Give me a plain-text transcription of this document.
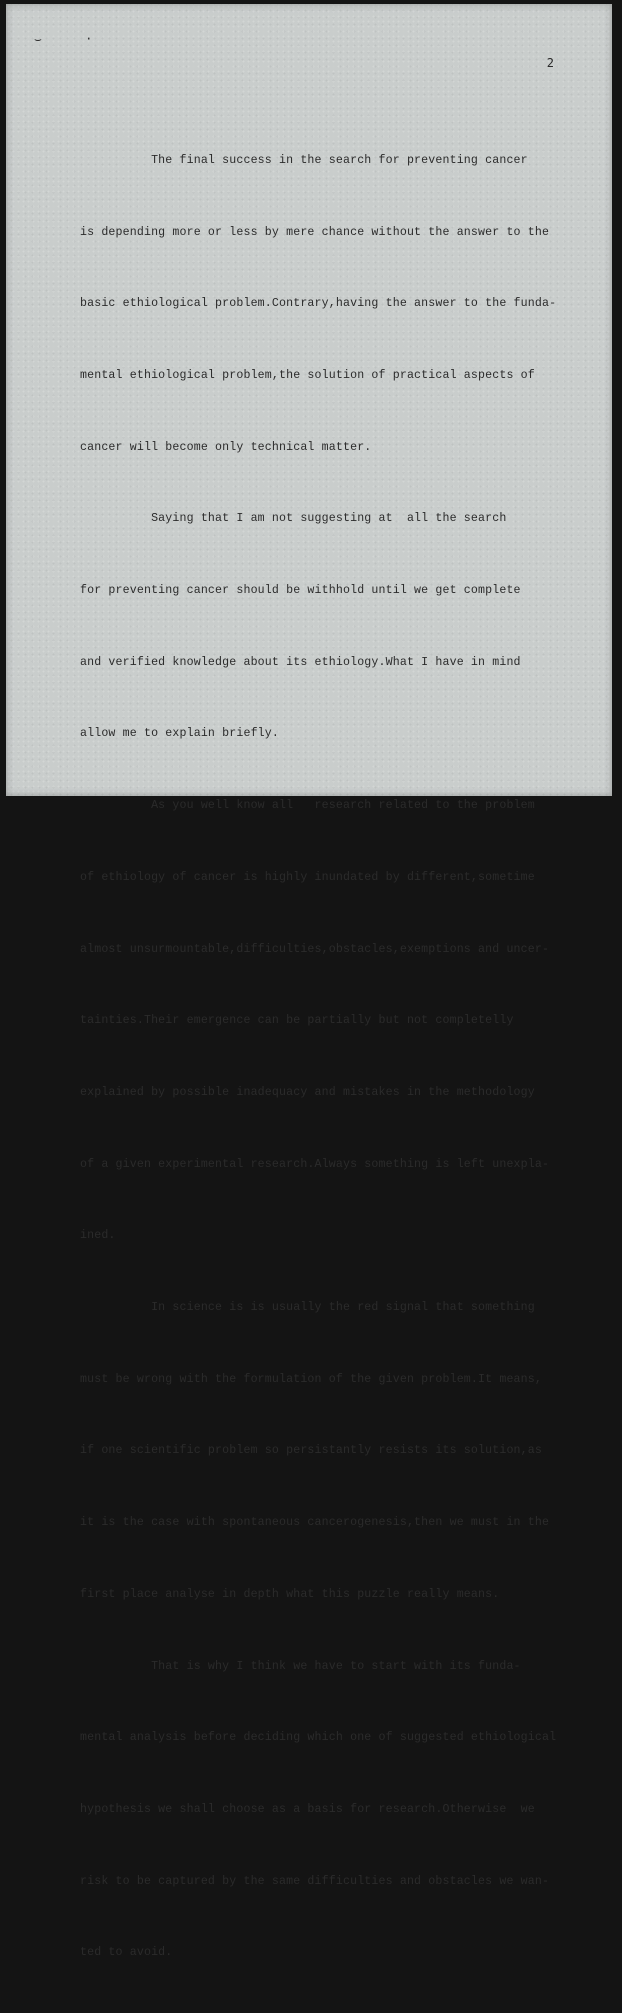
⌣ ·
2

The final success in the search for preventing cancer

is depending more or less by mere chance without the answer to the

basic ethiological problem.Contrary,having the answer to the funda-

mental ethiological problem,the solution of practical aspects of

cancer will become only technical matter.

Saying that I am not suggesting at  all the search

for preventing cancer should be withhold until we get complete

and verified knowledge about its ethiology.What I have in mind

allow me to explain briefly.

As you well know all   research related to the problem

of ethiology of cancer is highly inundated by different,sometime

almost unsurmountable,difficulties,obstacles,exemptions and uncer-

tainties.Their emergence can be partially but not completelly

explained by possible inadequacy and mistakes in the methodology

of a given experimental research.Always something is left unexpla-

ined.

In science is is usually the red signal that something

must be wrong with the formulation of the given problem.It means,

if one scientific problem so persistantly resists its solution,as

it is the case with spontaneous cancerogenesis,then we must in the

first place analyse in depth what this puzzle really means.

That is why I think we have to start with its funda-

mental analysis before deciding which one of suggested ethiological

hypothesis we shall choose as a basis for research.Otherwise  we

risk to be captured by the same difficulties and obstacles we wan-

ted to avoid.
